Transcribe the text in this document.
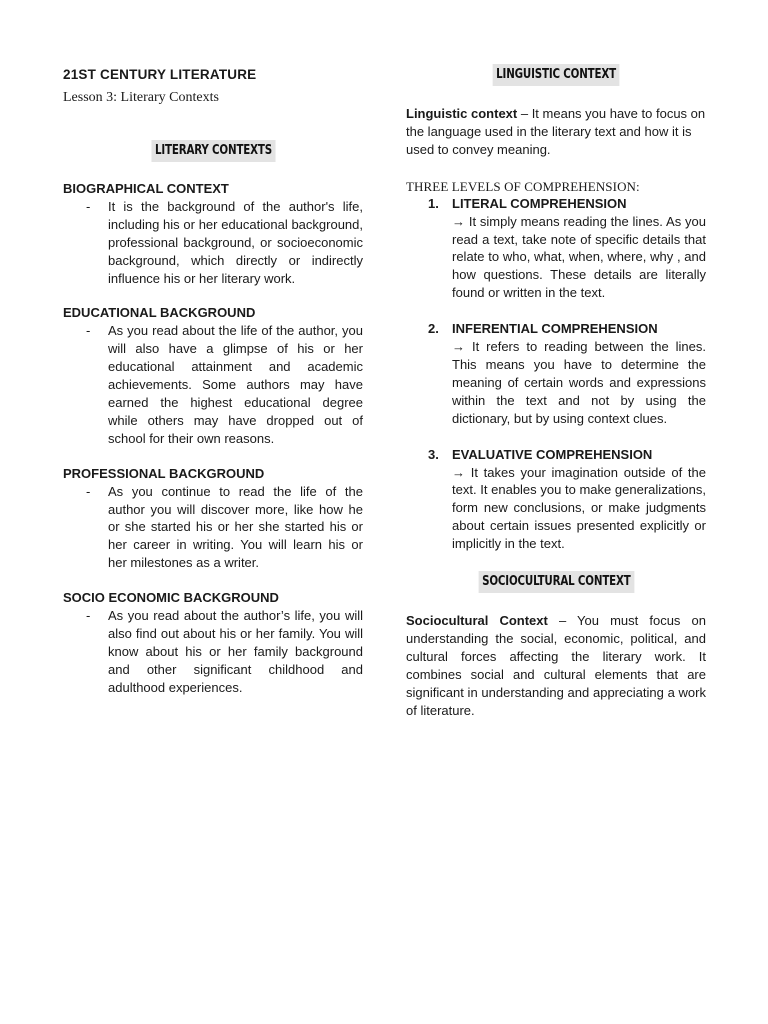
21ST CENTURY LITERATURE
Lesson 3: Literary Contexts
LITERARY CONTEXTS
BIOGRAPHICAL CONTEXT
- It is the background of the author's life, including his or her educational background, professional background, or socioeconomic background, which directly or indirectly influence his or her literary work.
EDUCATIONAL BACKGROUND
- As you read about the life of the author, you will also have a glimpse of his or her educational attainment and academic achievements. Some authors may have earned the highest educational degree while others may have dropped out of school for their own reasons.
PROFESSIONAL BACKGROUND
- As you continue to read the life of the author you will discover more, like how he or she started his or her she started his or her career in writing. You will learn his or her milestones as a writer.
SOCIO ECONOMIC BACKGROUND
- As you read about the author’s life, you will also find out about his or her family. You will know about his or her family background and other significant childhood and adulthood experiences.
LINGUISTIC CONTEXT
Linguistic context – It means you have to focus on the language used in the literary text and how it is used to convey meaning.
THREE LEVELS OF COMPREHENSION:
1. LITERAL COMPREHENSION
→ It simply means reading the lines. As you read a text, take note of specific details that relate to who, what, when, where, why , and how questions. These details are literally found or written in the text.
2. INFERENTIAL COMPREHENSION
→ It refers to reading between the lines. This means you have to determine the meaning of certain words and expressions within the text and not by using the dictionary, but by using context clues.
3. EVALUATIVE COMPREHENSION
→ It takes your imagination outside of the text. It enables you to make generalizations, form new conclusions, or make judgments about certain issues presented explicitly or implicitly in the text.
SOCIOCULTURAL CONTEXT
Sociocultural Context – You must focus on understanding the social, economic, political, and cultural forces affecting the literary work. It combines social and cultural elements that are significant in understanding and appreciating a work of literature.
